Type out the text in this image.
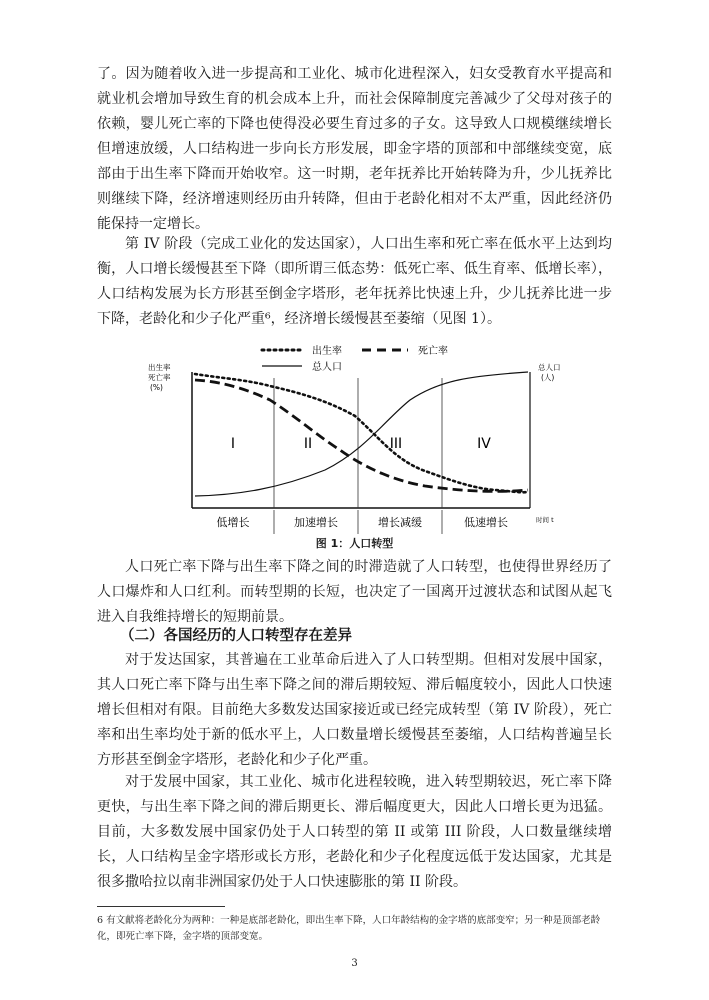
了。因为随着收入进一步提高和工业化、城市化进程深入，妇女受教育水平提高和就业机会增加导致生育的机会成本上升，而社会保障制度完善减少了父母对孩子的依赖，婴儿死亡率的下降也使得没必要生育过多的子女。这导致人口规模继续增长但增速放缓，人口结构进一步向长方形发展，即金字塔的顶部和中部继续变宽，底部由于出生率下降而开始收窄。这一时期，老年抚养比开始转降为升，少儿抚养比则继续下降，经济增速则经历由升转降，但由于老龄化相对不太严重，因此经济仍能保持一定增长。

第 IV 阶段（完成工业化的发达国家），人口出生率和死亡率在低水平上达到均衡，人口增长缓慢甚至下降（即所谓三低态势：低死亡率、低生育率、低增长率），人口结构发展为长方形甚至倒金字塔形，老年抚养比快速上升，少儿抚养比进一步下降，老龄化和少子化严重⁶，经济增长缓慢甚至萎缩（见图 1）。

出生率	死亡率
总人口
出生率
死亡率
(%)
总人口
(人)
I	II	III	IV
低增长	加速增长	增长减缓	低速增长	时间 t
图 1：人口转型

人口死亡率下降与出生率下降之间的时滞造就了人口转型，也使得世界经历了人口爆炸和人口红利。而转型期的长短，也决定了一国离开过渡状态和试图从起飞进入自我维持增长的短期前景。

（二）各国经历的人口转型存在差异

对于发达国家，其普遍在工业革命后进入了人口转型期。但相对发展中国家，其人口死亡率下降与出生率下降之间的滞后期较短、滞后幅度较小，因此人口快速增长但相对有限。目前绝大多数发达国家接近或已经完成转型（第 IV 阶段），死亡率和出生率均处于新的低水平上，人口数量增长缓慢甚至萎缩，人口结构普遍呈长方形甚至倒金字塔形，老龄化和少子化严重。

对于发展中国家，其工业化、城市化进程较晚，进入转型期较迟，死亡率下降更快，与出生率下降之间的滞后期更长、滞后幅度更大，因此人口增长更为迅猛。目前，大多数发展中国家仍处于人口转型的第 II 或第 III 阶段，人口数量继续增长，人口结构呈金字塔形或长方形，老龄化和少子化程度远低于发达国家，尤其是很多撒哈拉以南非洲国家仍处于人口快速膨胀的第 II 阶段。

6 有文献将老龄化分为两种：一种是底部老龄化，即出生率下降，人口年龄结构的金字塔的底部变窄；另一种是顶部老龄化，即死亡率下降，金字塔的顶部变宽。
3
